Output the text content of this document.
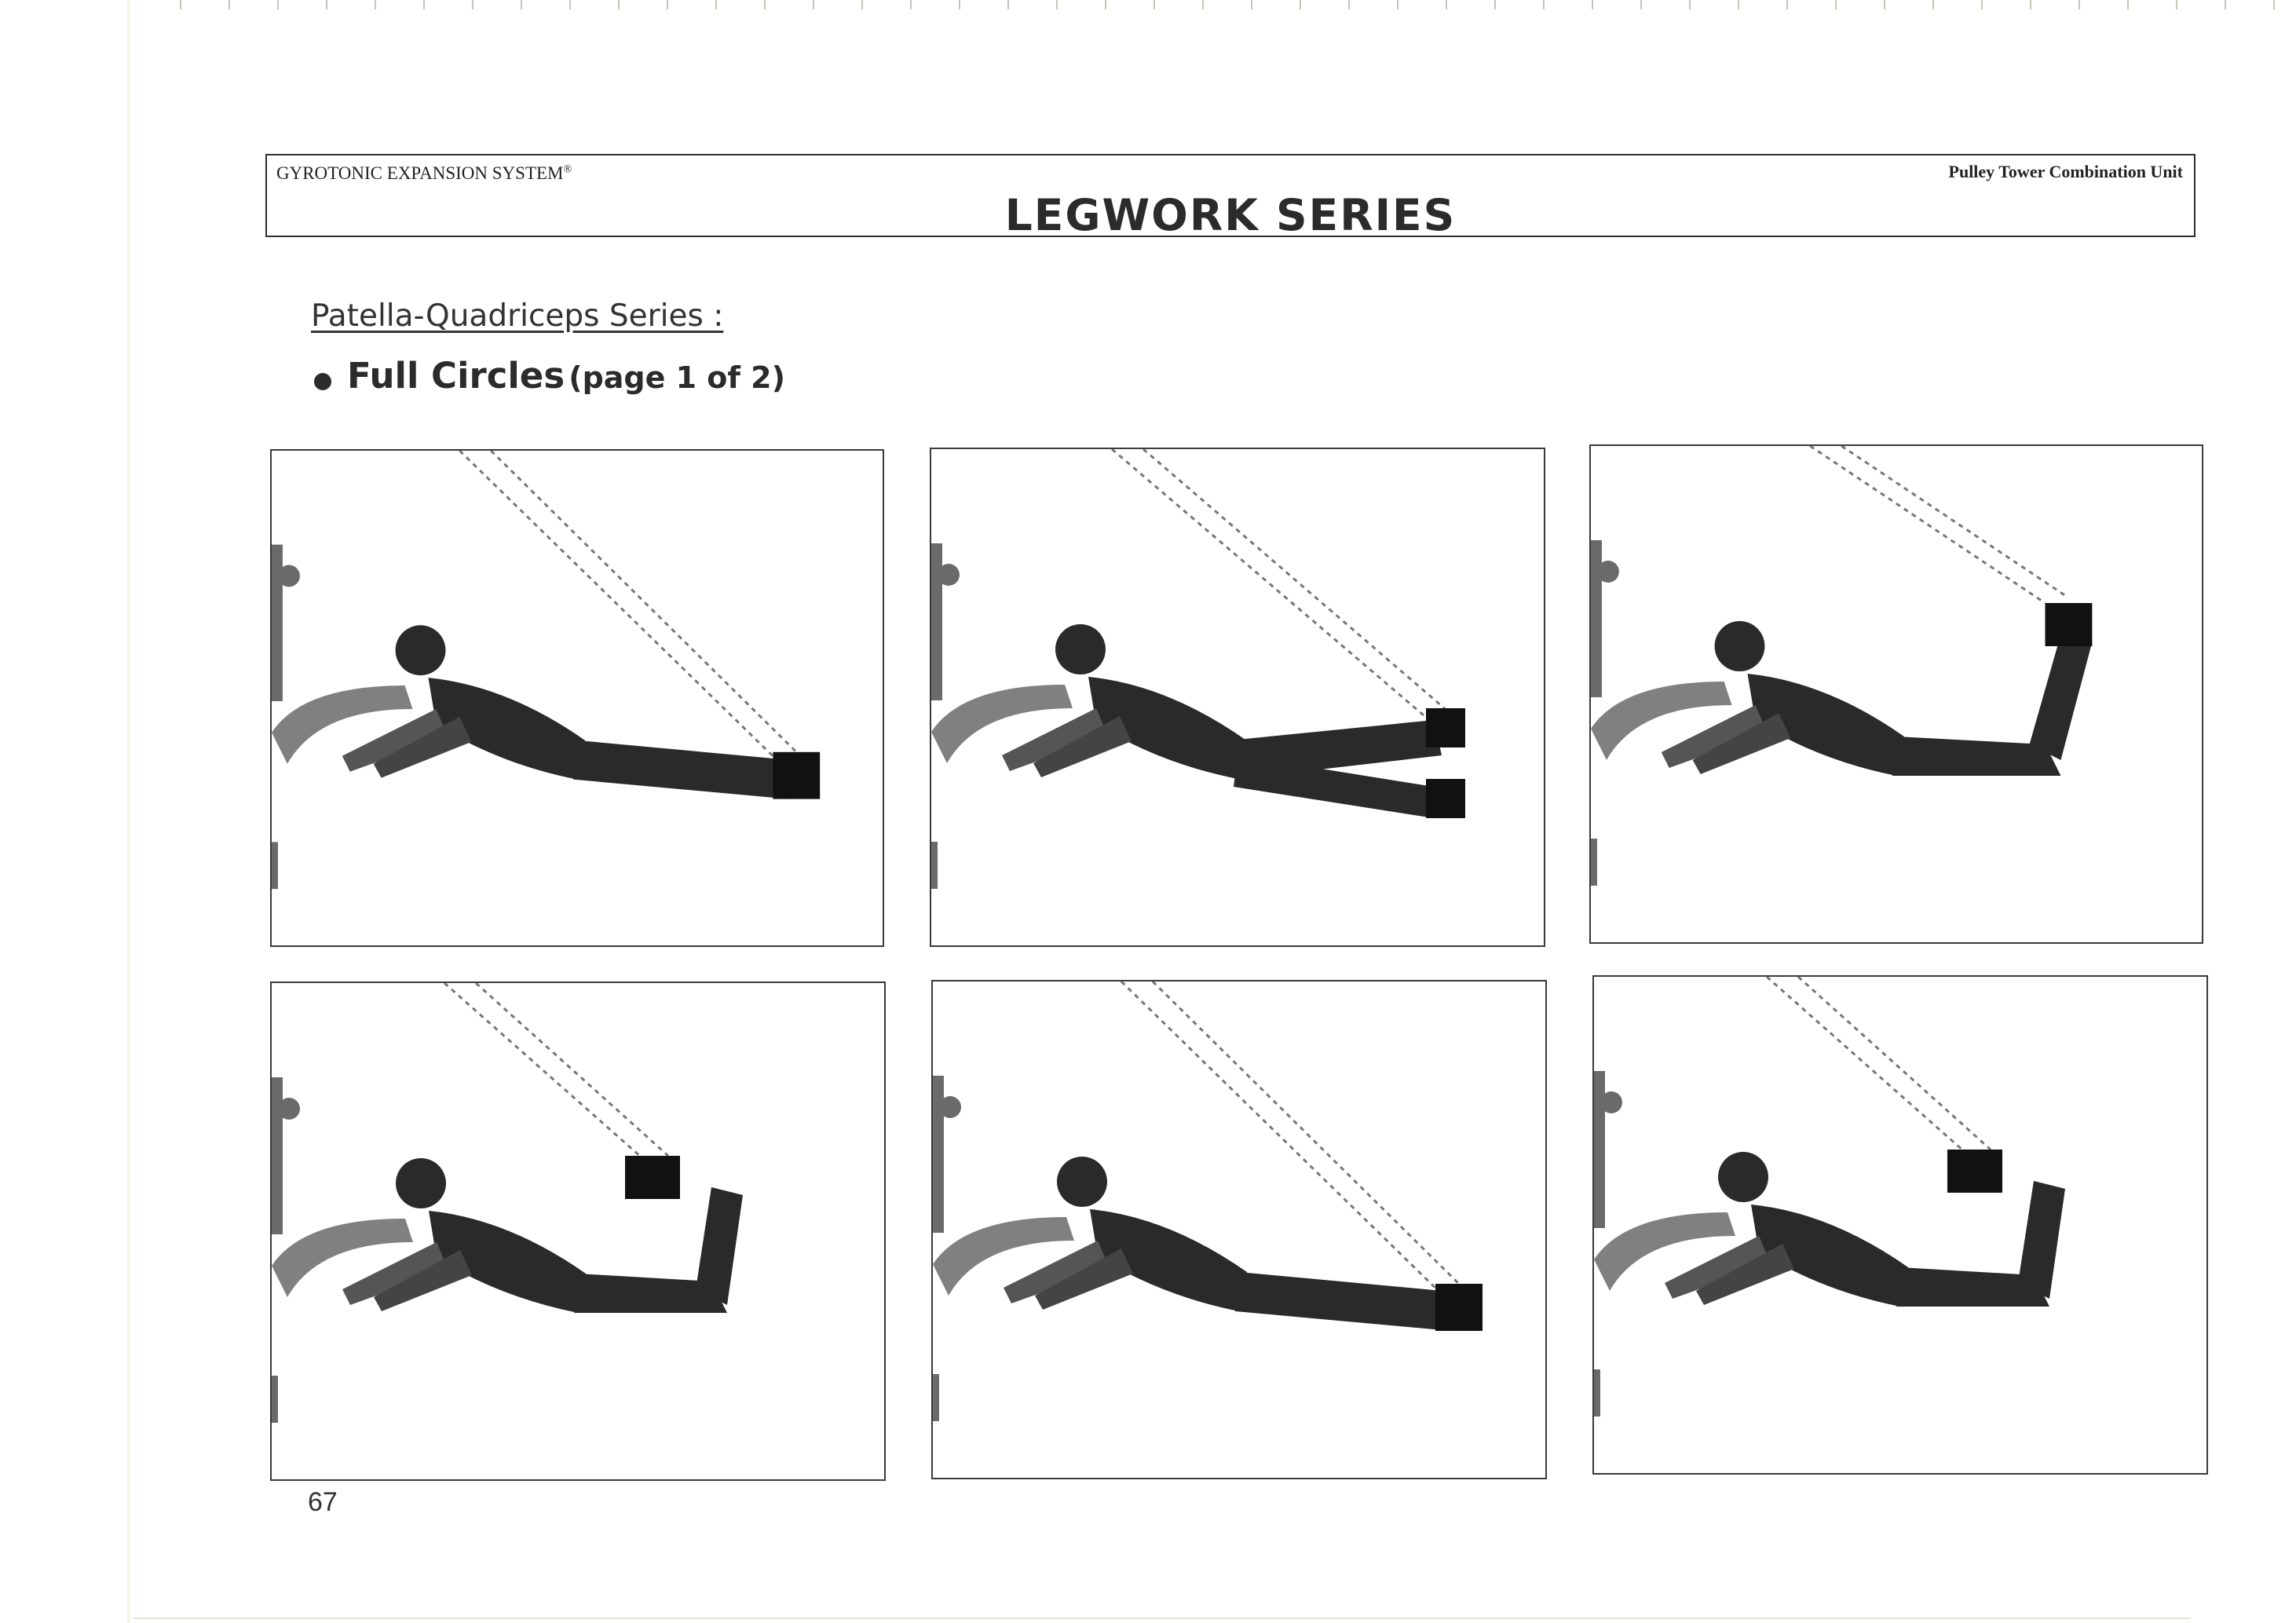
GYROTONIC EXPANSION SYSTEM®	Pulley Tower Combination Unit
LEGWORK SERIES
Patella-Quadriceps Series :
Full Circles (page 1 of 2)
67
